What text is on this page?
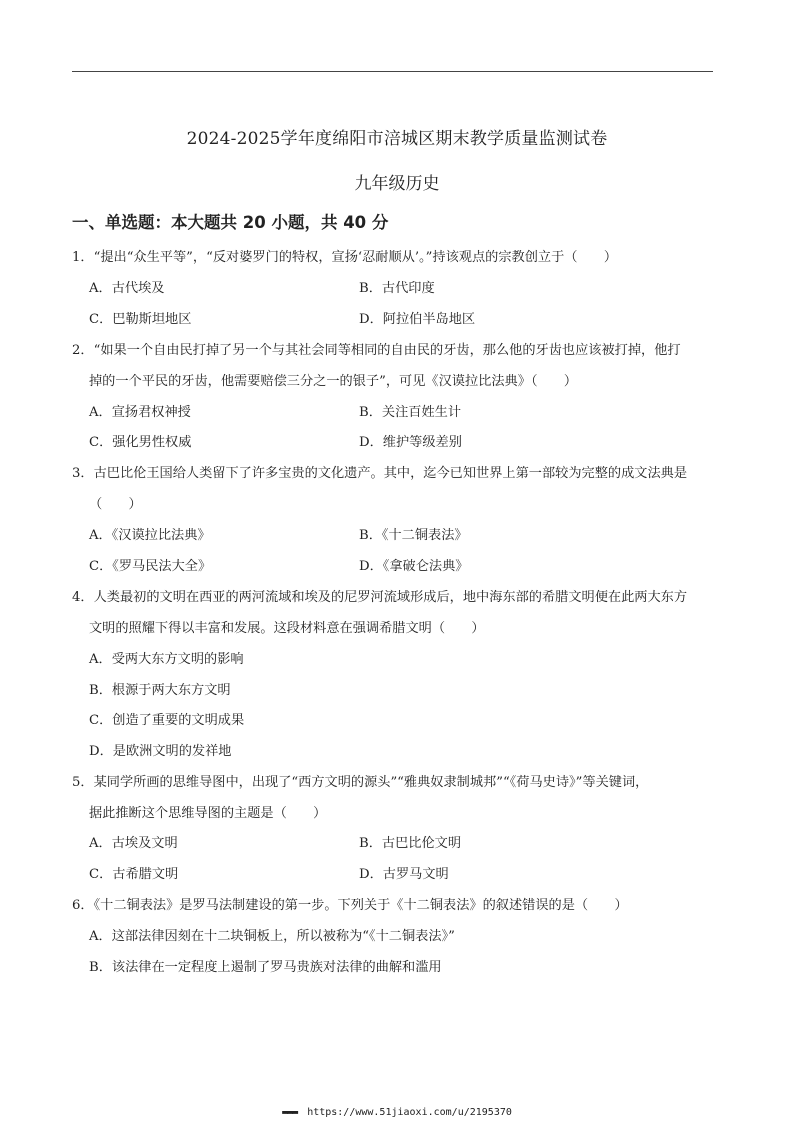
2024-2025学年度绵阳市涪城区期末教学质量监测试卷
九年级历史
一、单选题：本大题共 20 小题，共 40 分
1．“提出“众生平等”，“反对婆罗门的特权，宣扬‘忍耐顺从’。”持该观点的宗教创立于（　　）
A．古代埃及	B．古代印度
C．巴勒斯坦地区	D．阿拉伯半岛地区
2．“如果一个自由民打掉了另一个与其社会同等相同的自由民的牙齿，那么他的牙齿也应该被打掉，他打
掉的一个平民的牙齿，他需要赔偿三分之一的银子”，可见《汉谟拉比法典》（　　）
A．宣扬君权神授	B．关注百姓生计
C．强化男性权威	D．维护等级差别
3．古巴比伦王国给人类留下了许多宝贵的文化遗产。其中，迄今已知世界上第一部较为完整的成文法典是
（　　）
A．《汉谟拉比法典》	B．《十二铜表法》
C．《罗马民法大全》	D．《拿破仑法典》
4．人类最初的文明在西亚的两河流域和埃及的尼罗河流域形成后，地中海东部的希腊文明便在此两大东方
文明的照耀下得以丰富和发展。这段材料意在强调希腊文明（　　）
A．受两大东方文明的影响
B．根源于两大东方文明
C．创造了重要的文明成果
D．是欧洲文明的发祥地
5．某同学所画的思维导图中，出现了“西方文明的源头”“雅典奴隶制城邦”“《荷马史诗》”等关键词，
据此推断这个思维导图的主题是（　　）
A．古埃及文明	B．古巴比伦文明
C．古希腊文明	D．古罗马文明
6．《十二铜表法》是罗马法制建设的第一步。下列关于《十二铜表法》的叙述错误的是（　　）
A．这部法律因刻在十二块铜板上，所以被称为“《十二铜表法》”
B．该法律在一定程度上遏制了罗马贵族对法律的曲解和滥用
▬▬▬ https://www.51jiaoxi.com/u/2195370
